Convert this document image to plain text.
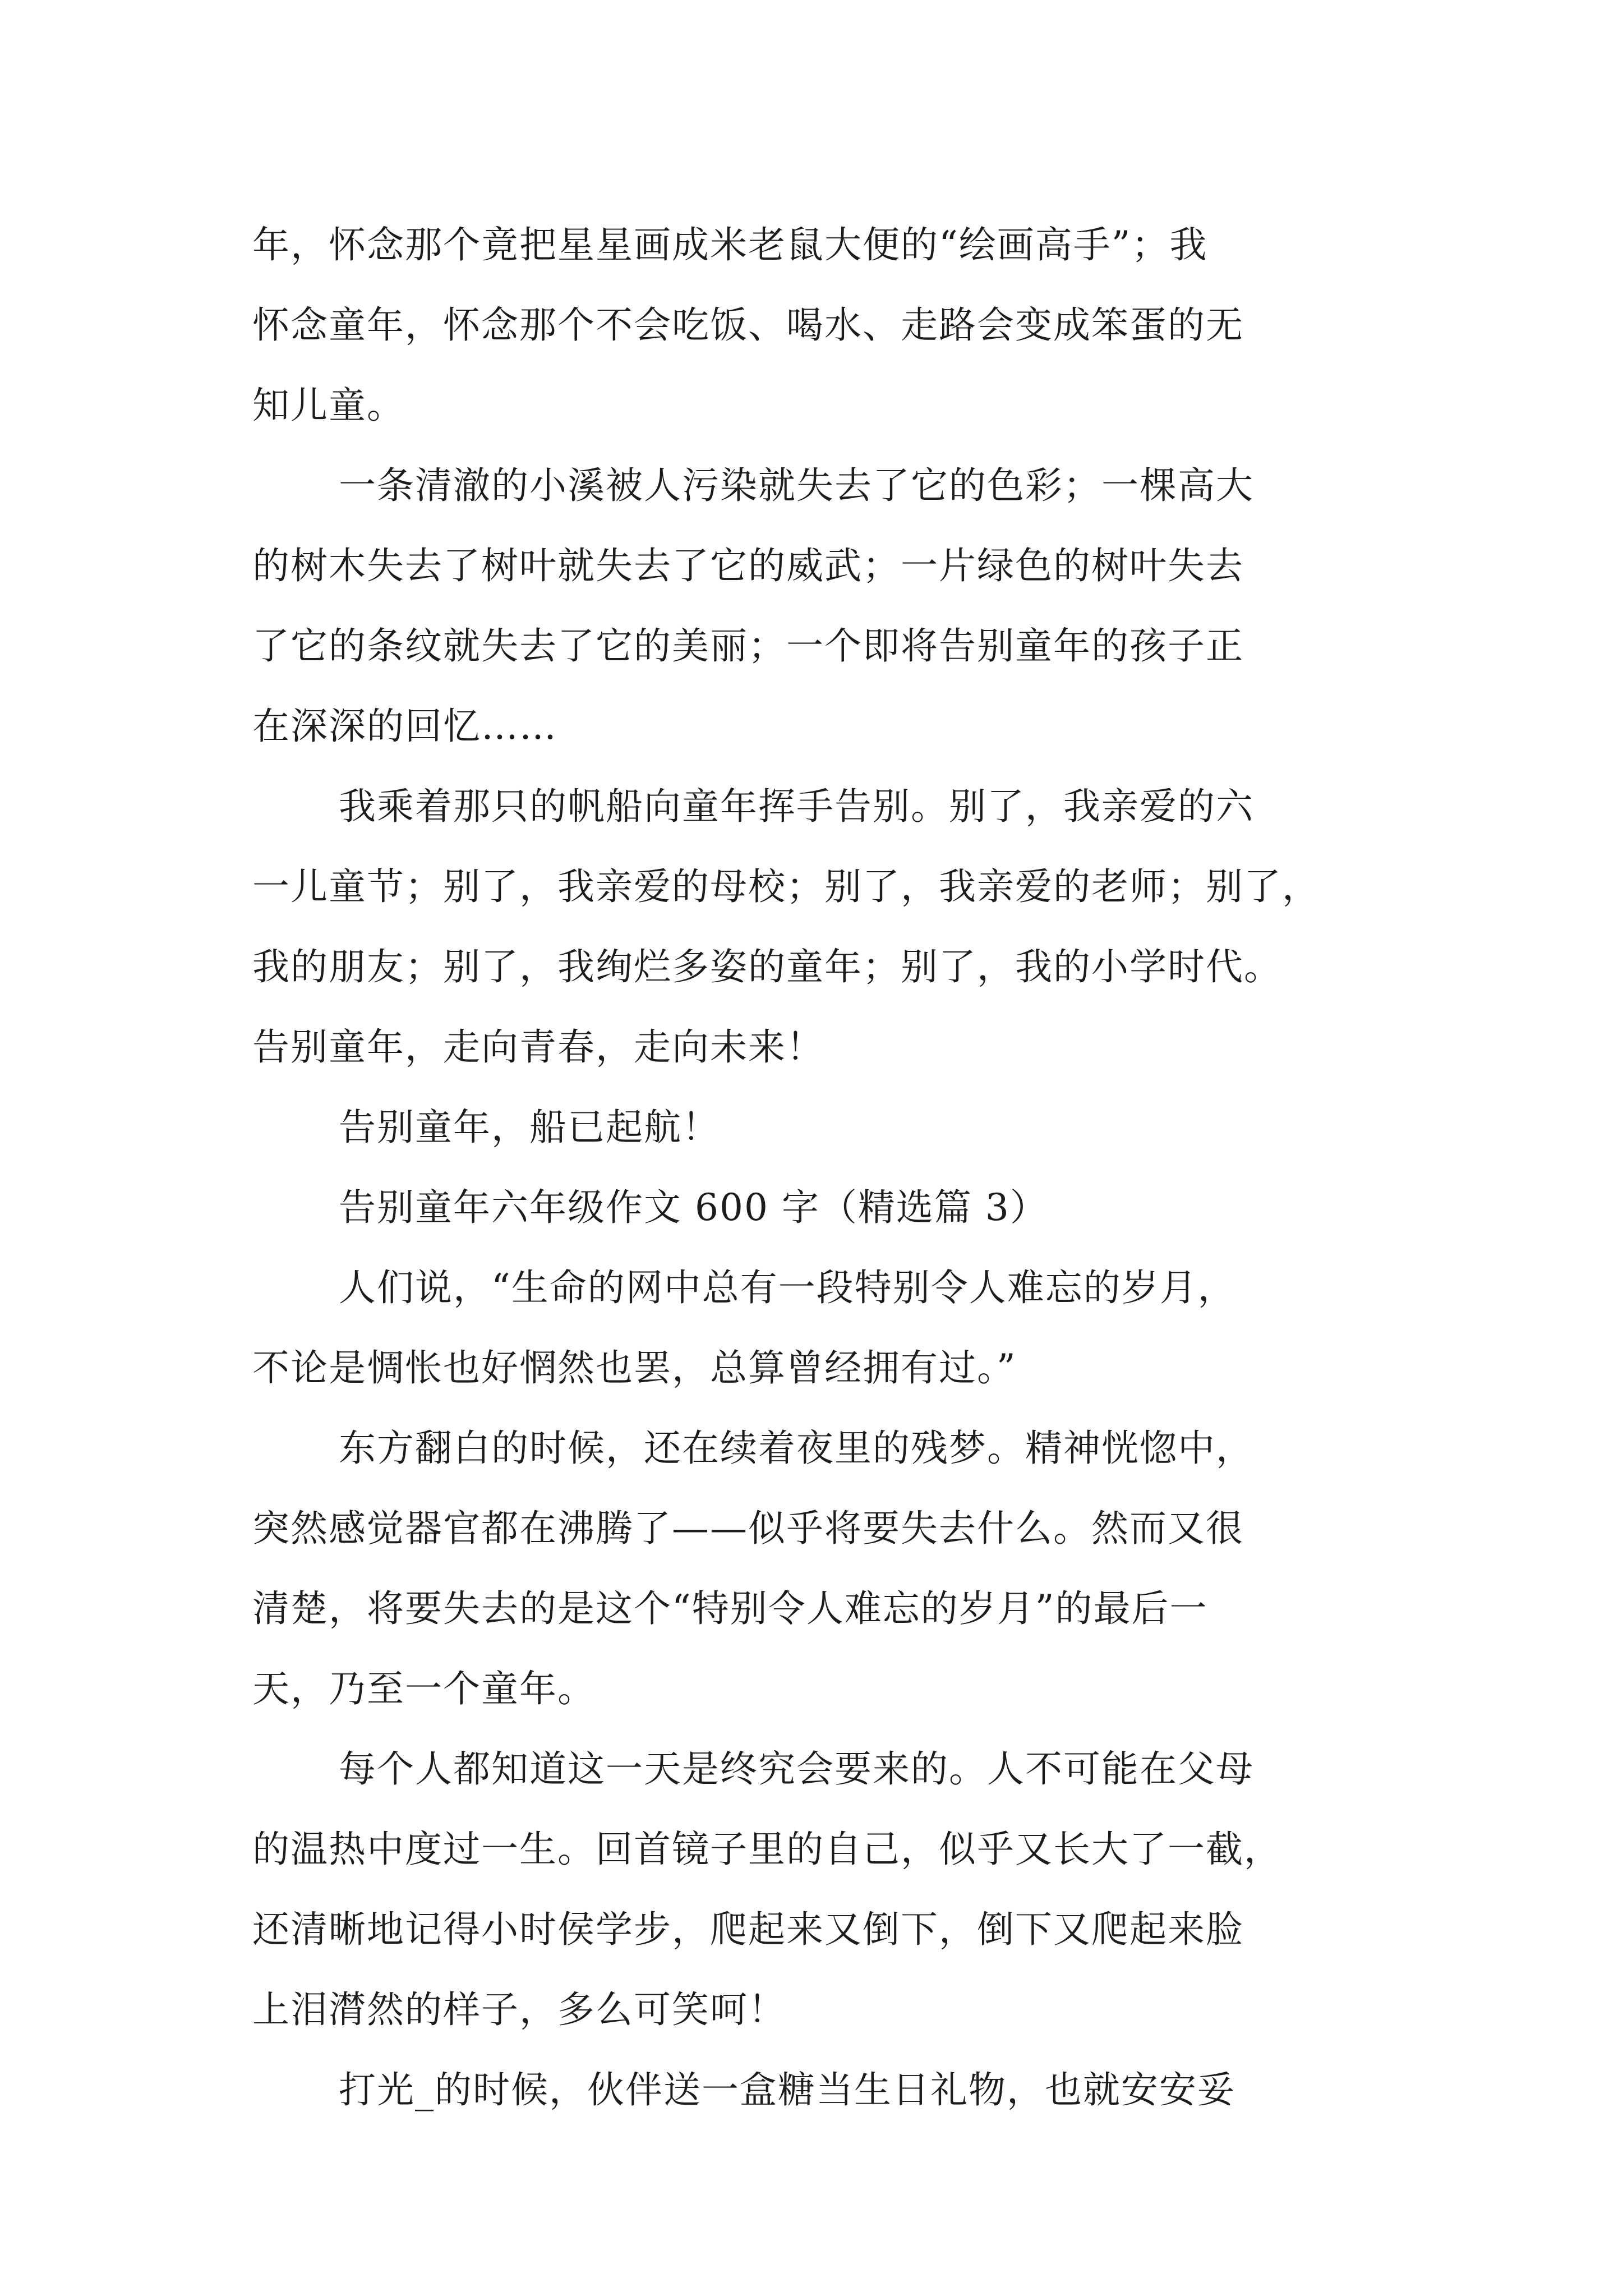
年，怀念那个竟把星星画成米老鼠大便的“绘画高手”；我
怀念童年，怀念那个不会吃饭、喝水、走路会变成笨蛋的无
知儿童。

一条清澈的小溪被人污染就失去了它的色彩；一棵高大
的树木失去了树叶就失去了它的威武；一片绿色的树叶失去
了它的条纹就失去了它的美丽；一个即将告别童年的孩子正
在深深的回忆……

我乘着那只的帆船向童年挥手告别。别了，我亲爱的六
一儿童节；别了，我亲爱的母校；别了，我亲爱的老师；别了，
我的朋友；别了，我绚烂多姿的童年；别了，我的小学时代。
告别童年，走向青春，走向未来！

告别童年，船已起航！

告别童年六年级作文 600 字（精选篇 3）

人们说，“生命的网中总有一段特别令人难忘的岁月，
不论是惆怅也好惘然也罢，总算曾经拥有过。”

东方翻白的时候，还在续着夜里的残梦。精神恍惚中，
突然感觉器官都在沸腾了——似乎将要失去什么。然而又很
清楚，将要失去的是这个“特别令人难忘的岁月”的最后一
天，乃至一个童年。

每个人都知道这一天是终究会要来的。人不可能在父母
的温热中度过一生。回首镜子里的自己，似乎又长大了一截，
还清晰地记得小时侯学步，爬起来又倒下，倒下又爬起来脸
上泪潸然的样子，多么可笑呵！

打光_的时候，伙伴送一盒糖当生日礼物，也就安安妥
